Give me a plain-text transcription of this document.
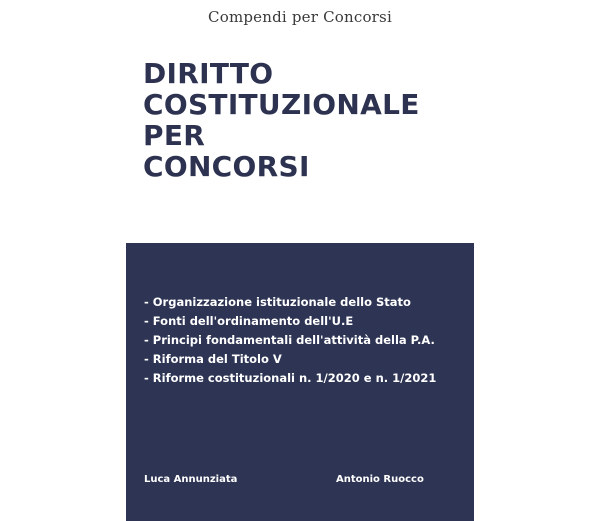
Compendi per Concorsi
DIRITTO
COSTITUZIONALE
PER
CONCORSI
- Organizzazione istituzionale dello Stato
- Fonti dell'ordinamento dell'U.E
- Principi fondamentali dell'attività della P.A.
- Riforma del Titolo V
- Riforme costituzionali n. 1/2020 e n. 1/2021
Luca Annunziata	Antonio Ruocco
